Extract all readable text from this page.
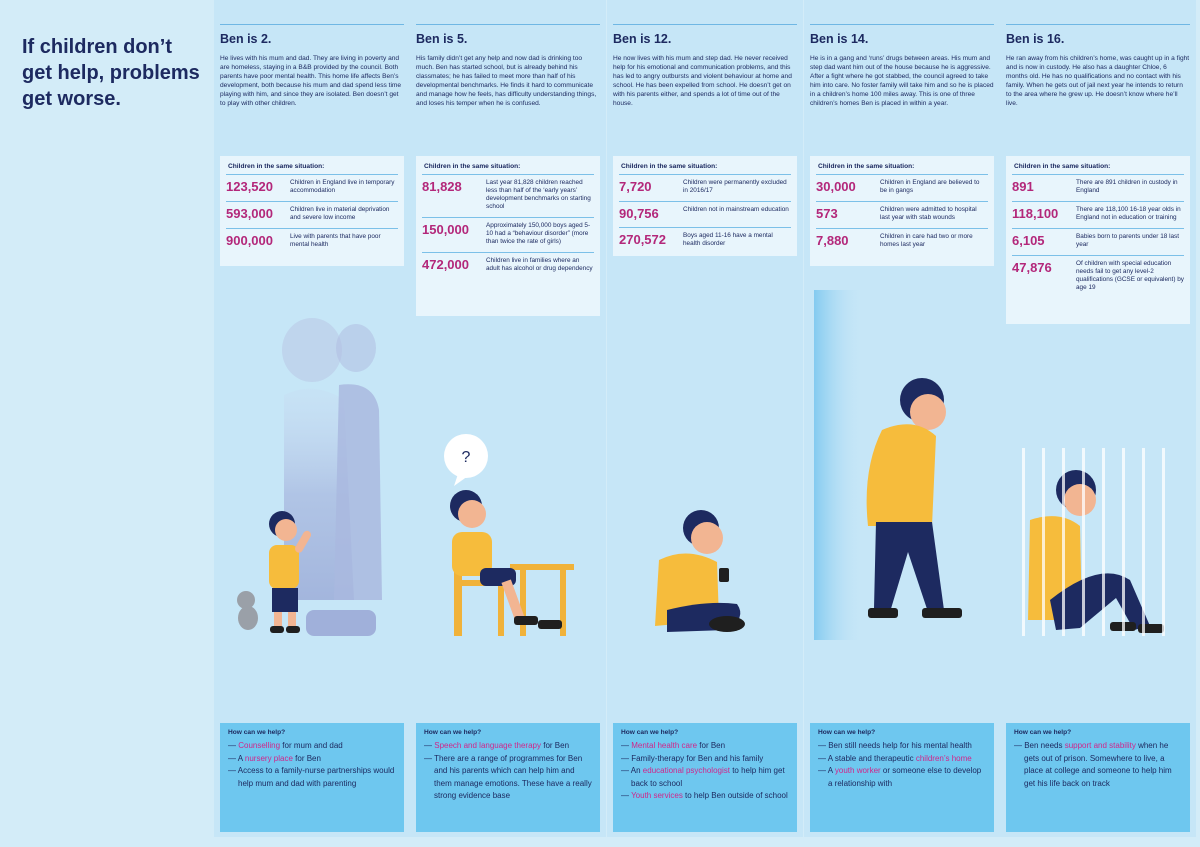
If children don’t get help, problems get worse.
Ben is 2.

He lives with his mum and dad. They are living in poverty and are homeless, staying in a B&B provided by the council. Both parents have poor mental health. This home life affects Ben’s development, both because his mum and dad spend less time playing with him, and since they are isolated. Ben doesn’t get to play with other children.

Children in the same situation:
123,520	Children in England live in temporary accommodation
593,000	Children live in material deprivation and severe low income
900,000	Live with parents that have poor mental health
How can we help?
— Counselling for mum and dad
— A nursery place for Ben
— Access to a family-nurse partnerships would help mum and dad with parenting
Ben is 5.

His family didn’t get any help and now dad is drinking too much. Ben has started school, but is already behind his classmates; he has failed to meet more than half of his developmental benchmarks. He finds it hard to communicate and manage how he feels, has difficulty understanding things, and loses his temper when he is confused.

Children in the same situation:
81,828	Last year 81,828 children reached less than half of the ‘early years’ development benchmarks on starting school
150,000	Approximately 150,000 boys aged 5-10 had a “behaviour disorder” (more than twice the rate of girls)
472,000	Children live in families where an adult has alcohol or drug dependency
?
How can we help?
— Speech and language therapy for Ben
— There are a range of programmes for Ben and his parents which can help him and them manage emotions. These have a really strong evidence base
Ben is 12.

He now lives with his mum and step dad. He never received help for his emotional and communication problems, and this has led to angry outbursts and violent behaviour at home and school. He has been expelled from school. He doesn’t get on with his parents either, and spends a lot of time out of the house.

Children in the same situation:
7,720	Children were permanently excluded in 2016/17
90,756	Children not in mainstream education
270,572	Boys aged 11-16 have a mental health disorder
How can we help?
— Mental health care for Ben
— Family-therapy for Ben and his family
— An educational psychologist to help him get back to school
— Youth services to help Ben outside of school
Ben is 14.

He is in a gang and ‘runs’ drugs between areas. His mum and step dad want him out of the house because he is aggressive. After a fight where he got stabbed, the council agreed to take him into care. No foster family will take him and so he is placed in a children’s home 100 miles away. This is one of three children’s homes Ben is placed in within a year.

Children in the same situation:
30,000	Children in England are believed to be in gangs
573	Children were admitted to hospital last year with stab wounds
7,880	Children in care had two or more homes last year
How can we help?
— Ben still needs help for his mental health
— A stable and therapeutic children’s home
— A youth worker or someone else to develop a relationship with
Ben is 16.

He ran away from his children’s home, was caught up in a fight and is now in custody. He also has a daughter Chloe, 6 months old. He has no qualifications and no contact with his family. When he gets out of jail next year he intends to return to the area where he grew up. He doesn’t know where he’ll live.

Children in the same situation:
891	There are 891 children in custody in England
118,100	There are 118,100 16-18 year olds in England not in education or training
6,105	Babies born to parents under 18 last year
47,876	Of children with special education needs fail to get any level-2 qualifications (GCSE or equivalent) by age 19
How can we help?
— Ben needs support and stability when he gets out of prison. Somewhere to live, a place at college and someone to help him get his life back on track
